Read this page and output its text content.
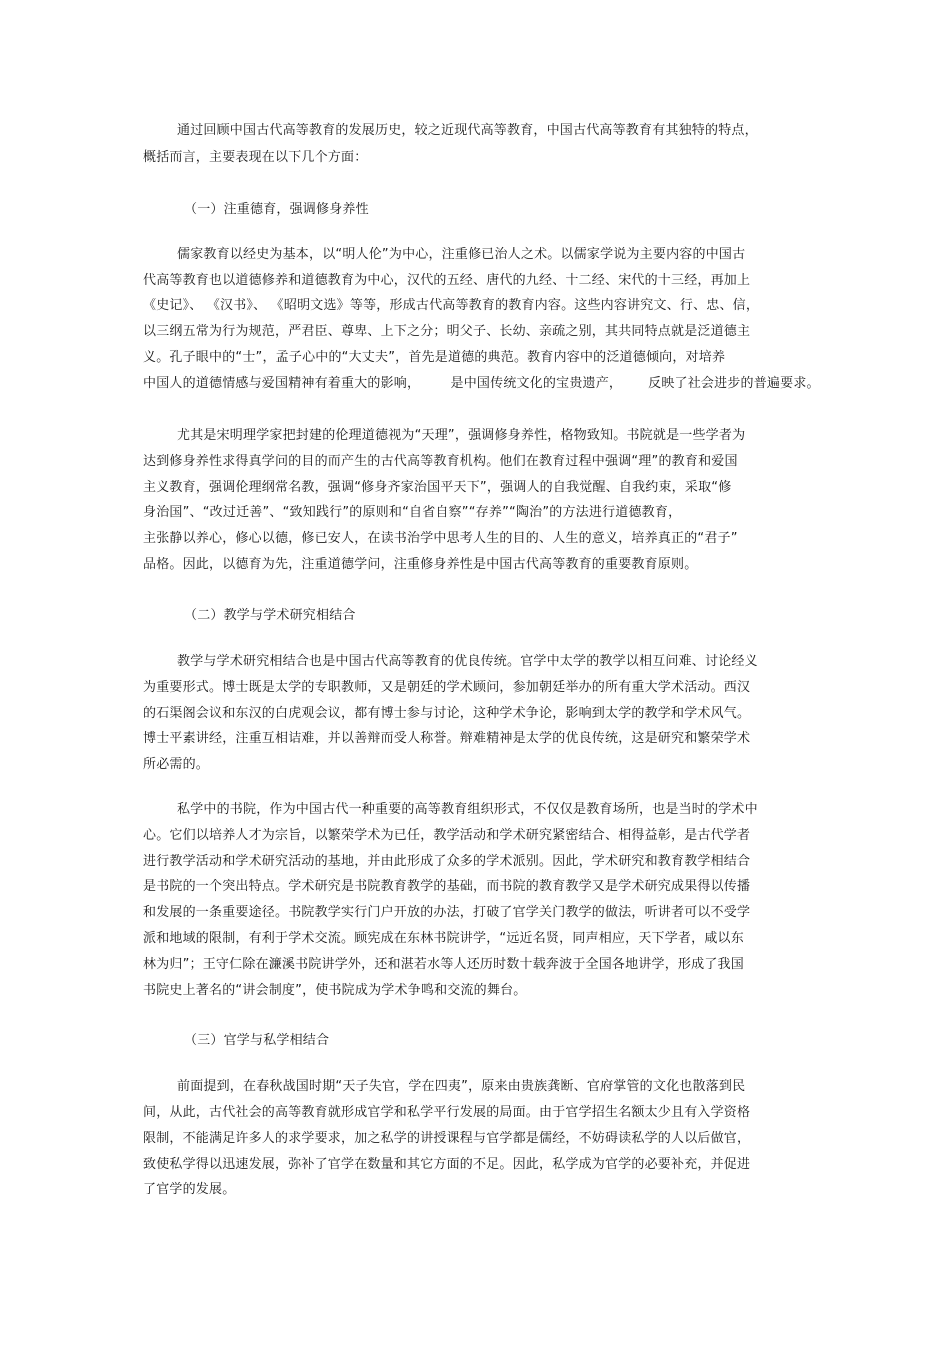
通过回顾中国古代高等教育的发展历史，较之近现代高等教育，中国古代高等教育有其独特的特点，
概括而言，主要表现在以下几个方面：
（一）注重德育，强调修身养性
儒家教育以经史为基本，以“明人伦”为中心，注重修已治人之术。以儒家学说为主要内容的中国古
代高等教育也以道德修养和道德教育为中心，汉代的五经、唐代的九经、十二经、宋代的十三经，再加上
《史记》、 《汉书》、 《昭明文选》等等，形成古代高等教育的教育内容。这些内容讲究文、行、忠、信，
以三纲五常为行为规范，严君臣、尊卑、上下之分；明父子、长幼、亲疏之别，其共同特点就是泛道德主
义。孔子眼中的“士”，孟子心中的“大丈夫”，首先是道德的典范。教育内容中的泛道德倾向，对培养
中国人的道德情感与爱国精神有着重大的影响，       是中国传统文化的宝贵遗产，      反映了社会进步的普遍要求。
尤其是宋明理学家把封建的伦理道德视为“天理”，强调修身养性，格物致知。书院就是一些学者为
达到修身养性求得真学问的目的而产生的古代高等教育机构。他们在教育过程中强调“理”的教育和爱国
主义教育，强调伦理纲常名教，强调“修身齐家治国平天下”，强调人的自我觉醒、自我约束，采取“修
身治国”、“改过迁善”、“致知践行”的原则和“自省自察”“存养”“陶治”的方法进行道德教育，
主张静以养心，修心以德，修已安人，在读书治学中思考人生的目的、人生的意义，培养真正的“君子”
品格。因此，以德育为先，注重道德学问，注重修身养性是中国古代高等教育的重要教育原则。
（二）教学与学术研究相结合
教学与学术研究相结合也是中国古代高等教育的优良传统。官学中太学的教学以相互问难、讨论经义
为重要形式。博士既是太学的专职教师，又是朝廷的学术顾问，参加朝廷举办的所有重大学术活动。西汉
的石渠阁会议和东汉的白虎观会议，都有博士参与讨论，这种学术争论，影响到太学的教学和学术风气。
博士平素讲经，注重互相诘难，并以善辩而受人称誉。辩难精神是太学的优良传统，这是研究和繁荣学术
所必需的。
私学中的书院，作为中国古代一种重要的高等教育组织形式，不仅仅是教育场所，也是当时的学术中
心。它们以培养人才为宗旨，以繁荣学术为已任，教学活动和学术研究紧密结合、相得益彰，是古代学者
进行教学活动和学术研究活动的基地，并由此形成了众多的学术派别。因此，学术研究和教育教学相结合
是书院的一个突出特点。学术研究是书院教育教学的基础，而书院的教育教学又是学术研究成果得以传播
和发展的一条重要途径。书院教学实行门户开放的办法，打破了官学关门教学的做法，听讲者可以不受学
派和地域的限制，有利于学术交流。顾宪成在东林书院讲学，“远近名贤，同声相应，天下学者，咸以东
林为归”；王守仁除在濂溪书院讲学外，还和湛若水等人还历时数十载奔波于全国各地讲学，形成了我国
书院史上著名的“讲会制度”，使书院成为学术争鸣和交流的舞台。
（三）官学与私学相结合
前面提到，在春秋战国时期“天子失官，学在四夷”，原来由贵族龚断、官府掌管的文化也散落到民
间，从此，古代社会的高等教育就形成官学和私学平行发展的局面。由于官学招生名额太少且有入学资格
限制，不能满足许多人的求学要求，加之私学的讲授课程与官学都是儒经，不妨碍读私学的人以后做官，
致使私学得以迅速发展，弥补了官学在数量和其它方面的不足。因此，私学成为官学的必要补充，并促进
了官学的发展。
